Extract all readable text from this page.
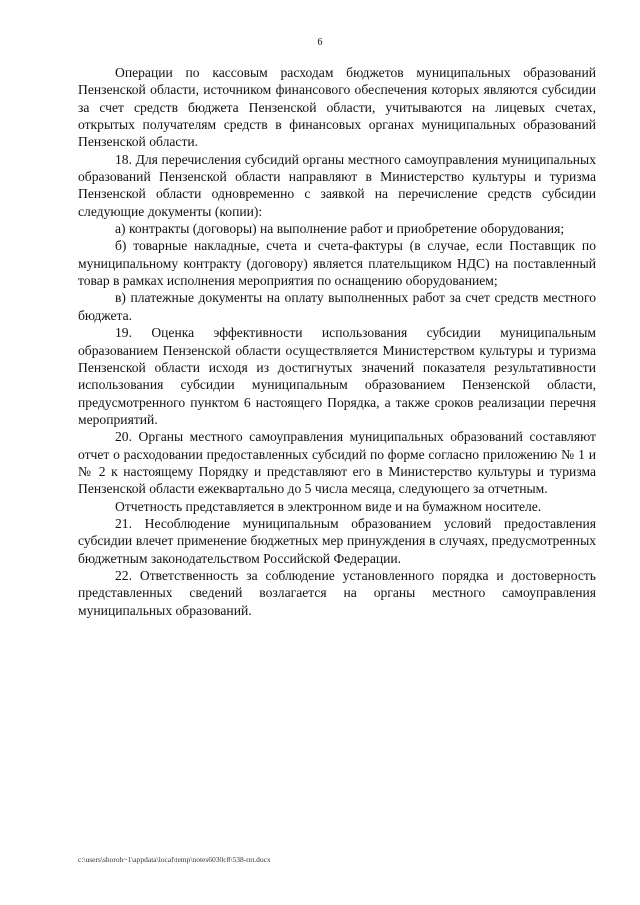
6

Операции по кассовым расходам бюджетов муниципальных образований Пензенской области, источником финансового обеспечения которых являются субсидии за счет средств бюджета Пензенской области, учитываются на лицевых счетах, открытых получателям средств в финансовых органах муниципальных образований Пензенской области.

18. Для перечисления субсидий органы местного самоуправления муниципальных образований Пензенской области направляют в Министерство культуры и туризма Пензенской области одновременно с заявкой на перечисление средств субсидии следующие документы (копии):

а) контракты (договоры) на выполнение работ и приобретение оборудования;

б) товарные накладные, счета и счета-фактуры (в случае, если Поставщик по муниципальному контракту (договору) является плательщиком НДС) на поставленный товар в рамках исполнения мероприятия по оснащению оборудованием;

в) платежные документы на оплату выполненных работ за счет средств местного бюджета.

19. Оценка эффективности использования субсидии муниципальным образованием Пензенской области осуществляется Министерством культуры и туризма Пензенской области исходя из достигнутых значений показателя результативности использования субсидии муниципальным образованием Пензенской области, предусмотренного пунктом 6 настоящего Порядка, а также сроков реализации перечня мероприятий.

20. Органы местного самоуправления муниципальных образований составляют отчет о расходовании предоставленных субсидий по форме согласно приложению № 1 и № 2 к настоящему Порядку и представляют его в Министерство культуры и туризма Пензенской области ежеквартально до 5 числа месяца, следующего за отчетным.

Отчетность представляется в электронном виде и на бумажном носителе.

21. Несоблюдение муниципальным образованием условий предоставления субсидии влечет применение бюджетных мер принуждения в случаях, предусмотренных бюджетным законодательством Российской Федерации.

22. Ответственность за соблюдение установленного порядка и достоверность представленных сведений возлагается на органы местного самоуправления муниципальных образований.

c:\users\shoroh~1\appdata\local\temp\notes6030c8\538-пп.docx
